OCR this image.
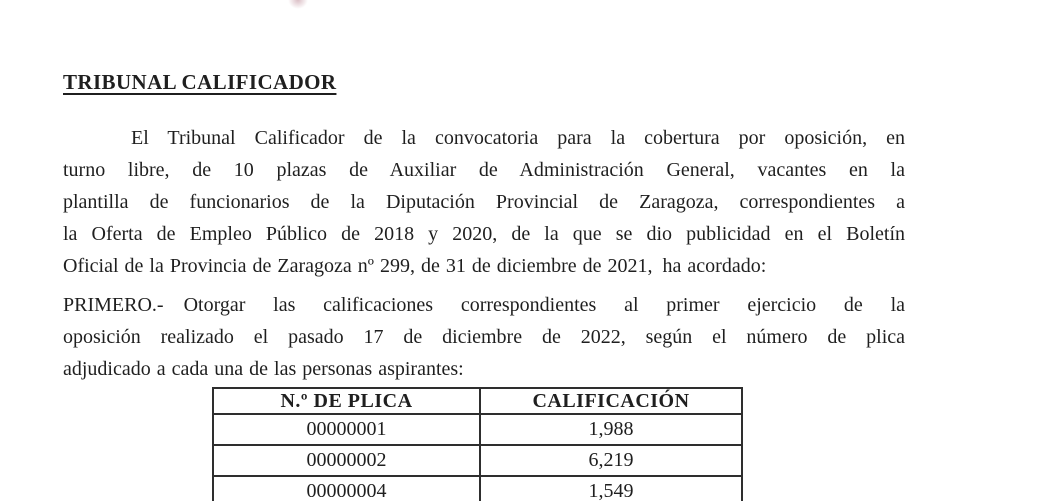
TRIBUNAL CALIFICADOR
El Tribunal Calificador de la convocatoria para la cobertura por oposición, en
turno libre, de 10 plazas de Auxiliar de Administración General, vacantes en la
plantilla de funcionarios de la Diputación Provincial de Zaragoza, correspondientes a
la Oferta de Empleo Público de 2018 y 2020, de la que se dio publicidad en el Boletín
Oficial de la Provincia de Zaragoza nº 299, de 31 de diciembre de 2021, ha acordado:
PRIMERO.- Otorgar las calificaciones correspondientes al primer ejercicio de la
oposición realizado el pasado 17 de diciembre de 2022, según el número de plica
adjudicado a cada una de las personas aspirantes:
N.º DE PLICA	CALIFICACIÓN
00000001	1,988
00000002	6,219
00000004	1,549
